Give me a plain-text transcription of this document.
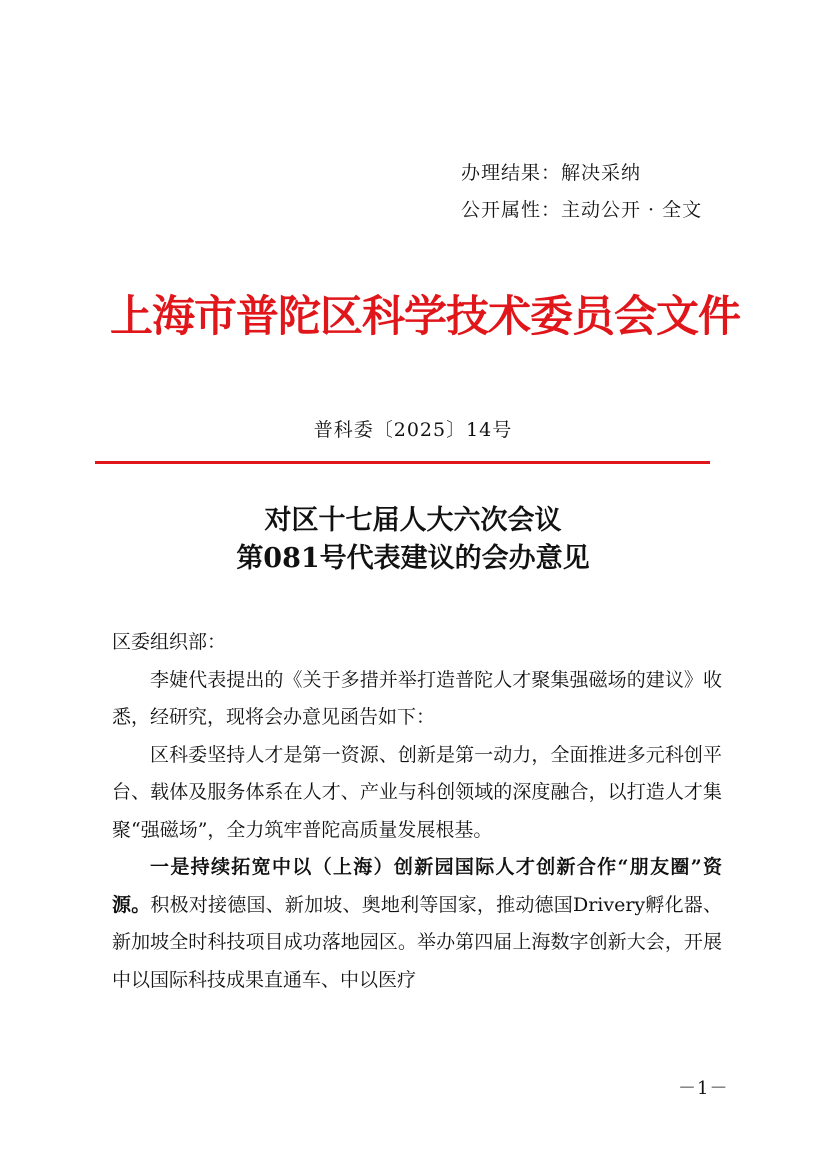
办理结果：解决采纳
公开属性：主动公开 · 全文
上海市普陀区科学技术委员会文件
普科委〔2025〕14号
对区十七届人大六次会议
第081号代表建议的会办意见

区委组织部：

李婕代表提出的《关于多措并举打造普陀人才聚集强磁场的建议》收悉，经研究，现将会办意见函告如下：

区科委坚持人才是第一资源、创新是第一动力，全面推进多元科创平台、载体及服务体系在人才、产业与科创领域的深度融合，以打造人才集聚“强磁场”，全力筑牢普陀高质量发展根基。

一是持续拓宽中以（上海）创新园国际人才创新合作“朋友圈”资源。积极对接德国、新加坡、奥地利等国家，推动德国Drivery孵化器、新加坡全时科技项目成功落地园区。举办第四届上海数字创新大会，开展中以国际科技成果直通车、中以医疗

－1－
